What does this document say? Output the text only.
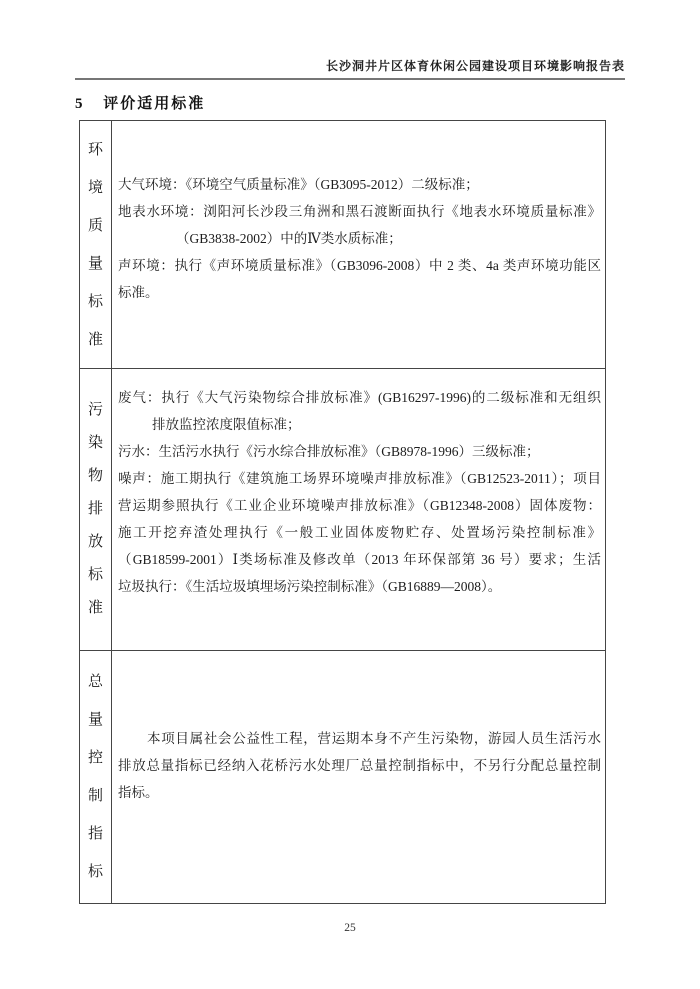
长沙洞井片区体育休闲公园建设项目环境影响报告表
5 评价适用标准
环境质量标准
大气环境：《环境空气质量标准》（GB3095-2012）二级标准；
地表水环境：浏阳河长沙段三角洲和黑石渡断面执行《地表水环境质量标准》
（GB3838-2002）中的Ⅳ类水质标准；
声环境：执行《声环境质量标准》（GB3096-2008）中 2 类、4a 类声环境功能区
标准。
污染物排放标准
废气：执行《大气污染物综合排放标准》(GB16297-1996)的二级标准和无组织
排放监控浓度限值标准；
污水：生活污水执行《污水综合排放标准》（GB8978-1996）三级标准；
噪声：施工期执行《建筑施工场界环境噪声排放标准》（GB12523-2011）；项目
营运期参照执行《工业企业环境噪声排放标准》（GB12348-2008）固体废物：
施工开挖弃渣处理执行《一般工业固体废物贮存、处置场污染控制标准》
（GB18599-2001）Ⅰ类场标准及修改单（2013 年环保部第 36 号）要求；生活
垃圾执行：《生活垃圾填埋场污染控制标准》（GB16889—2008）。
总量控制指标
本项目属社会公益性工程，营运期本身不产生污染物，游园人员生活污水
排放总量指标已经纳入花桥污水处理厂总量控制指标中，不另行分配总量控制
指标。
25
